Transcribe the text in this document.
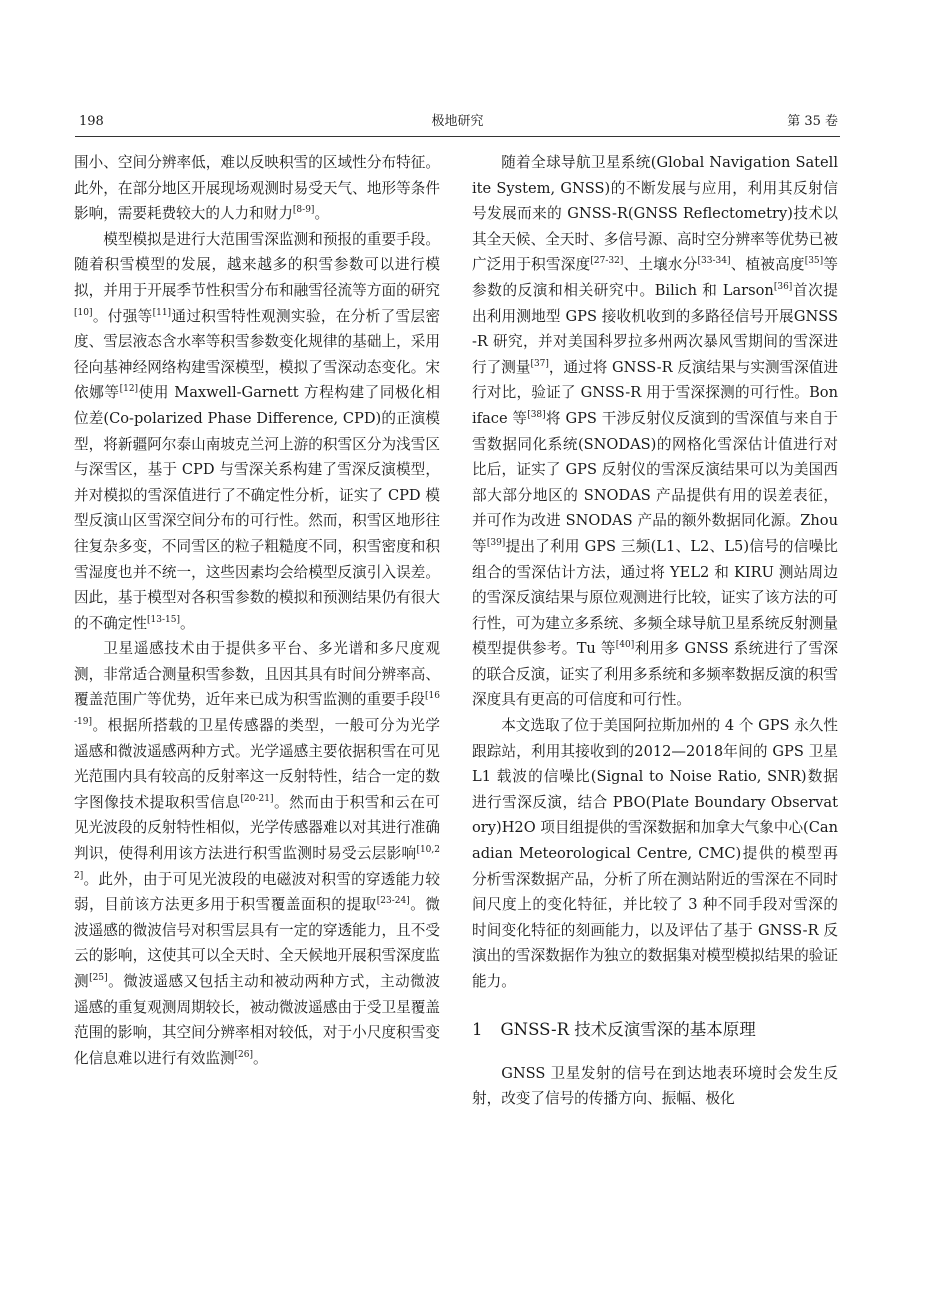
198	极地研究	第 35 卷

围小、空间分辨率低，难以反映积雪的区域性分布特征。此外，在部分地区开展现场观测时易受天气、地形等条件影响，需要耗费较大的人力和财力[8-9]。

模型模拟是进行大范围雪深监测和预报的重要手段。随着积雪模型的发展，越来越多的积雪参数可以进行模拟，并用于开展季节性积雪分布和融雪径流等方面的研究[10]。付强等[11]通过积雪特性观测实验，在分析了雪层密度、雪层液态含水率等积雪参数变化规律的基础上，采用径向基神经网络构建雪深模型，模拟了雪深动态变化。宋依娜等[12]使用 Maxwell-Garnett 方程构建了同极化相位差(Co-polarized Phase Difference, CPD)的正演模型，将新疆阿尔泰山南坡克兰河上游的积雪区分为浅雪区与深雪区，基于 CPD 与雪深关系构建了雪深反演模型，并对模拟的雪深值进行了不确定性分析，证实了 CPD 模型反演山区雪深空间分布的可行性。然而，积雪区地形往往复杂多变，不同雪区的粒子粗糙度不同，积雪密度和积雪湿度也并不统一，这些因素均会给模型反演引入误差。因此，基于模型对各积雪参数的模拟和预测结果仍有很大的不确定性[13-15]。

卫星遥感技术由于提供多平台、多光谱和多尺度观测，非常适合测量积雪参数，且因其具有时间分辨率高、覆盖范围广等优势，近年来已成为积雪监测的重要手段[16-19]。根据所搭载的卫星传感器的类型，一般可分为光学遥感和微波遥感两种方式。光学遥感主要依据积雪在可见光范围内具有较高的反射率这一反射特性，结合一定的数字图像技术提取积雪信息[20-21]。然而由于积雪和云在可见光波段的反射特性相似，光学传感器难以对其进行准确判识，使得利用该方法进行积雪监测时易受云层影响[10,22]。此外，由于可见光波段的电磁波对积雪的穿透能力较弱，目前该方法更多用于积雪覆盖面积的提取[23-24]。微波遥感的微波信号对积雪层具有一定的穿透能力，且不受云的影响，这使其可以全天时、全天候地开展积雪深度监测[25]。微波遥感又包括主动和被动两种方式，主动微波遥感的重复观测周期较长，被动微波遥感由于受卫星覆盖范围的影响，其空间分辨率相对较低，对于小尺度积雪变化信息难以进行有效监测[26]。

随着全球导航卫星系统(Global Navigation Satellite System, GNSS)的不断发展与应用，利用其反射信号发展而来的 GNSS-R(GNSS Reflectometry)技术以其全天候、全天时、多信号源、高时空分辨率等优势已被广泛用于积雪深度[27-32]、土壤水分[33-34]、植被高度[35]等参数的反演和相关研究中。Bilich 和 Larson[36]首次提出利用测地型 GPS 接收机收到的多路径信号开展GNSS-R 研究，并对美国科罗拉多州两次暴风雪期间的雪深进行了测量[37]，通过将 GNSS-R 反演结果与实测雪深值进行对比，验证了 GNSS-R 用于雪深探测的可行性。Boniface 等[38]将 GPS 干涉反射仪反演到的雪深值与来自于雪数据同化系统(SNODAS)的网格化雪深估计值进行对比后，证实了 GPS 反射仪的雪深反演结果可以为美国西部大部分地区的 SNODAS 产品提供有用的误差表征，并可作为改进 SNODAS 产品的额外数据同化源。Zhou 等[39]提出了利用 GPS 三频(L1、L2、L5)信号的信噪比组合的雪深估计方法，通过将 YEL2 和 KIRU 测站周边的雪深反演结果与原位观测进行比较，证实了该方法的可行性，可为建立多系统、多频全球导航卫星系统反射测量模型提供参考。Tu 等[40]利用多 GNSS 系统进行了雪深的联合反演，证实了利用多系统和多频率数据反演的积雪深度具有更高的可信度和可行性。

本文选取了位于美国阿拉斯加州的 4 个 GPS 永久性跟踪站，利用其接收到的2012—2018年间的 GPS 卫星 L1 载波的信噪比(Signal to Noise Ratio, SNR)数据进行雪深反演，结合 PBO(Plate Boundary Observatory)H2O 项目组提供的雪深数据和加拿大气象中心(Canadian Meteorological Centre, CMC)提供的模型再分析雪深数据产品，分析了所在测站附近的雪深在不同时间尺度上的变化特征，并比较了 3 种不同手段对雪深的时间变化特征的刻画能力，以及评估了基于 GNSS-R 反演出的雪深数据作为独立的数据集对模型模拟结果的验证能力。

1 GNSS-R 技术反演雪深的基本原理

GNSS 卫星发射的信号在到达地表环境时会发生反射，改变了信号的传播方向、振幅、极化
